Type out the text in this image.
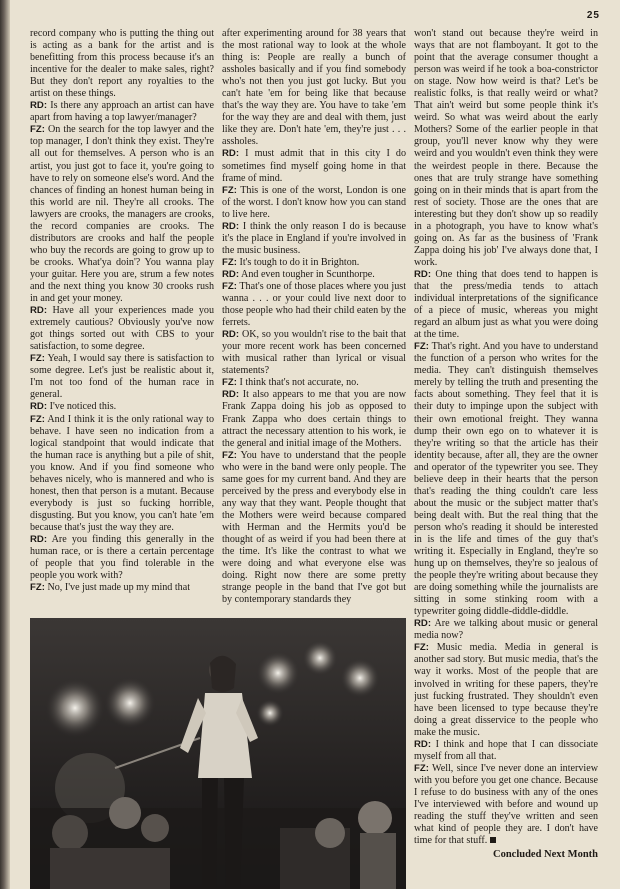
25

record company who is putting the thing out is acting as a bank for the artist and is benefitting from this process because it's an incentive for the dealer to make sales, right? But they don't report any royalties to the artist on these things.

RD: Is there any approach an artist can have apart from having a top lawyer/manager?

FZ: On the search for the top lawyer and the top manager, I don't think they exist. They're all out for themselves. A person who is an artist, you just got to face it, you're going to have to rely on someone else's word. And the chances of finding an honest human being in this world are nil. They're all crooks. The lawyers are crooks, the managers are crooks, the record companies are crooks. The distributors are crooks and half the people who buy the records are going to grow up to be crooks. What'ya doin'? You wanna play your guitar. Here you are, strum a few notes and the next thing you know 30 crooks rush in and get your money.

RD: Have all your experiences made you extremely cautious? Obviously you've now got things sorted out with CBS to your satisfaction, to some degree.

FZ: Yeah, I would say there is satisfaction to some degree. Let's just be realistic about it, I'm not too fond of the human race in general.

RD: I've noticed this.

FZ: And I think it is the only rational way to behave. I have seen no indication from a logical standpoint that would indicate that the human race is anything but a pile of shit, you know. And if you find someone who behaves nicely, who is mannered and who is honest, then that person is a mutant. Because everybody is just so fucking horrible, disgusting. But you know, you can't hate 'em because that's just the way they are.

RD: Are you finding this generally in the human race, or is there a certain percentage of people that you find tolerable in the people you work with?

FZ: No, I've just made up my mind that

after experimenting around for 38 years that the most rational way to look at the whole thing is: People are really a bunch of assholes basically and if you find somebody who's not then you just got lucky. But you can't hate 'em for being like that because that's the way they are. You have to take 'em for the way they are and deal with them, just like they are. Don't hate 'em, they're just . . . assholes.

RD: I must admit that in this city I do sometimes find myself going home in that frame of mind.

FZ: This is one of the worst, London is one of the worst. I don't know how you can stand to live here.

RD: I think the only reason I do is because it's the place in England if you're involved in the music business.

FZ: It's tough to do it in Brighton.

RD: And even tougher in Scunthorpe.

FZ: That's one of those places where you just wanna . . . or your could live next door to those people who had their child eaten by the ferrets.

RD: OK, so you wouldn't rise to the bait that your more recent work has been concerned with musical rather than lyrical or visual statements?

FZ: I think that's not accurate, no.

RD: It also appears to me that you are now Frank Zappa doing his job as opposed to Frank Zappa who does certain things to attract the necessary attention to his work, ie the general and initial image of the Mothers.

FZ: You have to understand that the people who were in the band were only people. The same goes for my current band. And they are perceived by the press and everybody else in any way that they want. People thought that the Mothers were weird because compared with Herman and the Hermits you'd be thought of as weird if you had been there at the time. It's like the contrast to what we were doing and what everyone else was doing. Right now there are some pretty strange people in the band that I've got but by contemporary standards they

won't stand out because they're weird in ways that are not flamboyant. It got to the point that the average consumer thought a person was weird if he took a boa-constrictor on stage. Now how weird is that? Let's be realistic folks, is that really weird or what? That ain't weird but some people think it's weird. So what was weird about the early Mothers? Some of the earlier people in that group, you'll never know why they were weird and you wouldn't even think they were the weirdest people in there. Because the ones that are truly strange have something going on in their minds that is apart from the rest of society. Those are the ones that are interesting but they don't show up so readily in a photograph, you have to know what's going on. As far as the business of 'Frank Zappa doing his job' I've always done that, I work.

RD: One thing that does tend to happen is that the press/media tends to attach individual interpretations of the significance of a piece of music, whereas you might regard an album just as what you were doing at the time.

FZ: That's right. And you have to understand the function of a person who writes for the media. They can't distinguish themselves merely by telling the truth and presenting the facts about something. They feel that it is their duty to impinge upon the subject with their own emotional freight. They wanna dump their own ego on to whatever it is they're writing so that the article has their identity because, after all, they are the owner and operator of the typewriter you see. They believe deep in their hearts that the person that's reading the thing couldn't care less about the music or the subject matter that's being dealt with. But the real thing that the person who's reading it should be interested in is the life and times of the guy that's writing it. Especially in England, they're so hung up on themselves, they're so jealous of the people they're writing about because they are doing something while the journalists are sitting in some stinking room with a typewriter going diddle-diddle-diddle.

RD: Are we talking about music or general media now?

FZ: Music media. Media in general is another sad story. But music media, that's the way it works. Most of the people that are involved in writing for these papers, they're just fucking frustrated. They shouldn't even have been licensed to type because they're doing a great disservice to the people who make the music.

RD: I think and hope that I can dissociate myself from all that.

FZ: Well, since I've never done an interview with you before you get one chance. Because I refuse to do business with any of the ones I've interviewed with before and wound up reading the stuff they've written and seen what kind of people they are. I don't have time for that stuff.

Concluded Next Month
